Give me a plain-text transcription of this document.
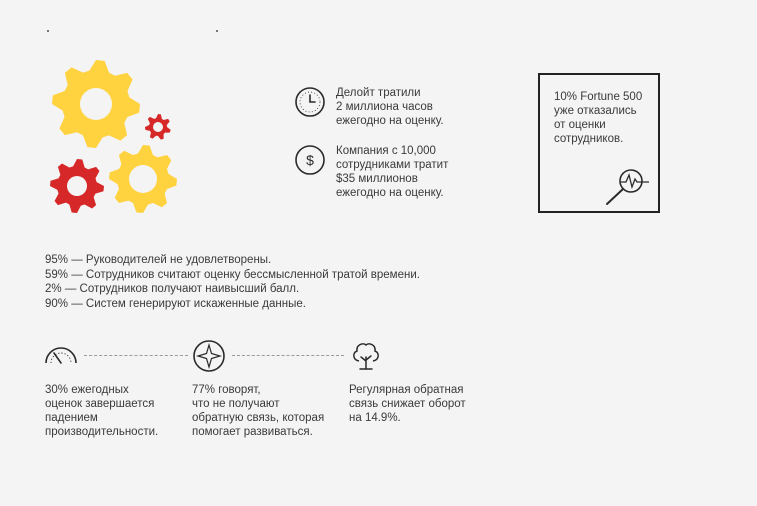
Делойт тратили
2 миллиона часов
ежегодно на оценку.
$
Компания с 10,000
сотрудниками тратит
$35 миллионов
ежегодно на оценку.
10% Fortune 500
уже отказались
от оценки
сотрудников.
95% — Руководителей не удовлетворены.
59% — Сотрудников считают оценку бессмысленной тратой времени.
2% — Сотрудников получают наивысший балл.
90% — Систем генерируют искаженные данные.
30% ежегодных
оценок завершается
падением
производительности.
77% говорят,
что не получают
обратную связь, которая
помогает развиваться.
Регулярная обратная
связь снижает оборот
на 14.9%.
